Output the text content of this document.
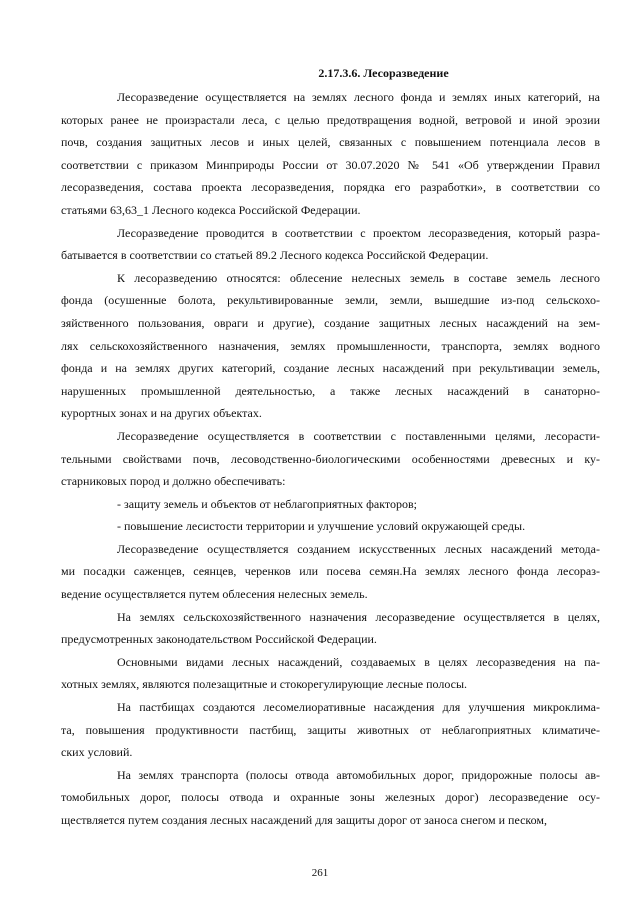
2.17.3.6. Лесоразведение
Лесоразведение осуществляется на землях лесного фонда и землях иных категорий, на
которых ранее не произрастали леса, с целью предотвращения водной, ветровой и иной эрозии
почв, создания защитных лесов и иных целей, связанных с повышением потенциала лесов в
соответствии с приказом Минприроды России от 30.07.2020 № 541 «Об утверждении Правил
лесоразведения, состава проекта лесоразведения, порядка его разработки», в соответствии со
статьями 63,63_1 Лесного кодекса Российской Федерации.
Лесоразведение проводится в соответствии с проектом лесоразведения, который разра-
батывается в соответствии со статьей 89.2 Лесного кодекса Российской Федерации.
К лесоразведению относятся: облесение нелесных земель в составе земель лесного
фонда (осушенные болота, рекультивированные земли, земли, вышедшие из-под сельскохо-
зяйственного пользования, овраги и другие), создание защитных лесных насаждений на зем-
лях сельскохозяйственного назначения, землях промышленности, транспорта, землях водного
фонда и на землях других категорий, создание лесных насаждений при рекультивации земель,
нарушенных промышленной деятельностью, а также лесных насаждений в санаторно-
курортных зонах и на других объектах.
Лесоразведение осуществляется в соответствии с поставленными целями, лесорасти-
тельными свойствами почв, лесоводственно-биологическими особенностями древесных и ку-
старниковых пород и должно обеспечивать:
- защиту земель и объектов от неблагоприятных факторов;
- повышение лесистости территории и улучшение условий окружающей среды.
Лесоразведение осуществляется созданием искусственных лесных насаждений метода-
ми посадки саженцев, сеянцев, черенков или посева семян.На землях лесного фонда лесораз-
ведение осуществляется путем облесения нелесных земель.
На землях сельскохозяйственного назначения лесоразведение осуществляется в целях,
предусмотренных законодательством Российской Федерации.
Основными видами лесных насаждений, создаваемых в целях лесоразведения на па-
хотных землях, являются полезащитные и стокорегулирующие лесные полосы.
На пастбищах создаются лесомелиоративные насаждения для улучшения микроклима-
та, повышения продуктивности пастбищ, защиты животных от неблагоприятных климатиче-
ских условий.
На землях транспорта (полосы отвода автомобильных дорог, придорожные полосы ав-
томобильных дорог, полосы отвода и охранные зоны железных дорог) лесоразведение осу-
ществляется путем создания лесных насаждений для защиты дорог от заноса снегом и песком,
261
